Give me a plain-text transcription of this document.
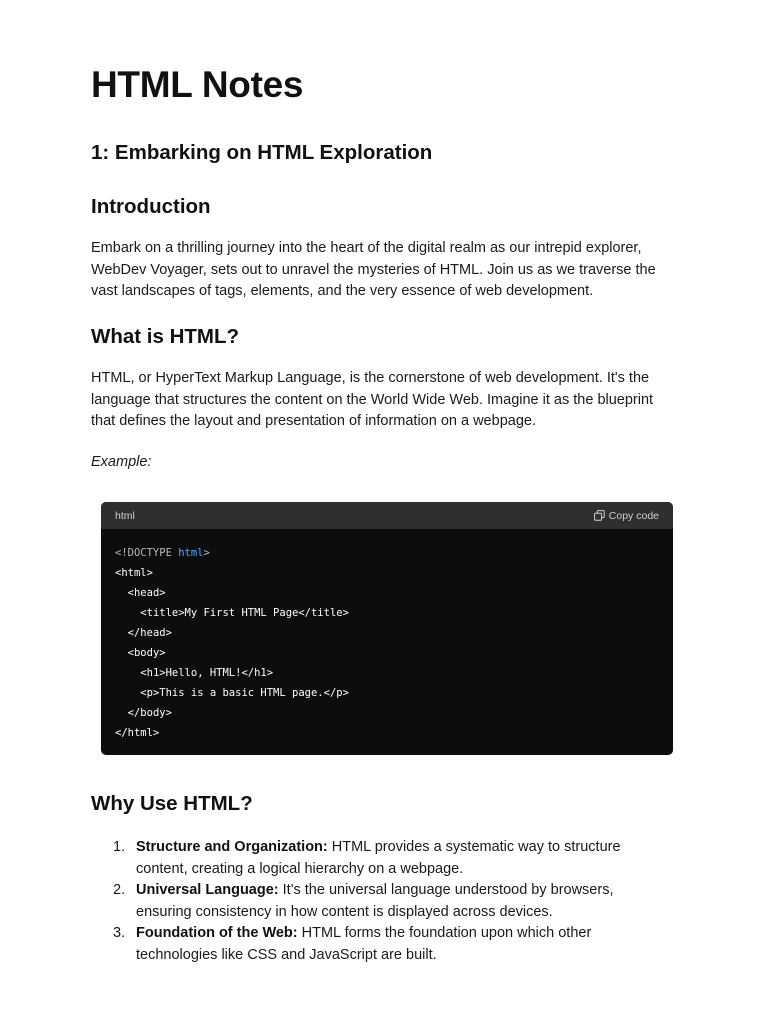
HTML Notes
1: Embarking on HTML Exploration
Introduction

Embark on a thrilling journey into the heart of the digital realm as our intrepid explorer, WebDev Voyager, sets out to unravel the mysteries of HTML. Join us as we traverse the vast landscapes of tags, elements, and the very essence of web development.

What is HTML?

HTML, or HyperText Markup Language, is the cornerstone of web development. It's the language that structures the content on the World Wide Web. Imagine it as the blueprint that defines the layout and presentation of information on a webpage.

Example:

html	Copy code
<!DOCTYPE html>
<html>
<head>
<title>My First HTML Page</title>
</head>
<body>
<h1>Hello, HTML!</h1>
<p>This is a basic HTML page.</p>
</body>
</html>
Why Use HTML?
1. Structure and Organization: HTML provides a systematic way to structure content, creating a logical hierarchy on a webpage.
2. Universal Language: It's the universal language understood by browsers, ensuring consistency in how content is displayed across devices.
3. Foundation of the Web: HTML forms the foundation upon which other technologies like CSS and JavaScript are built.
